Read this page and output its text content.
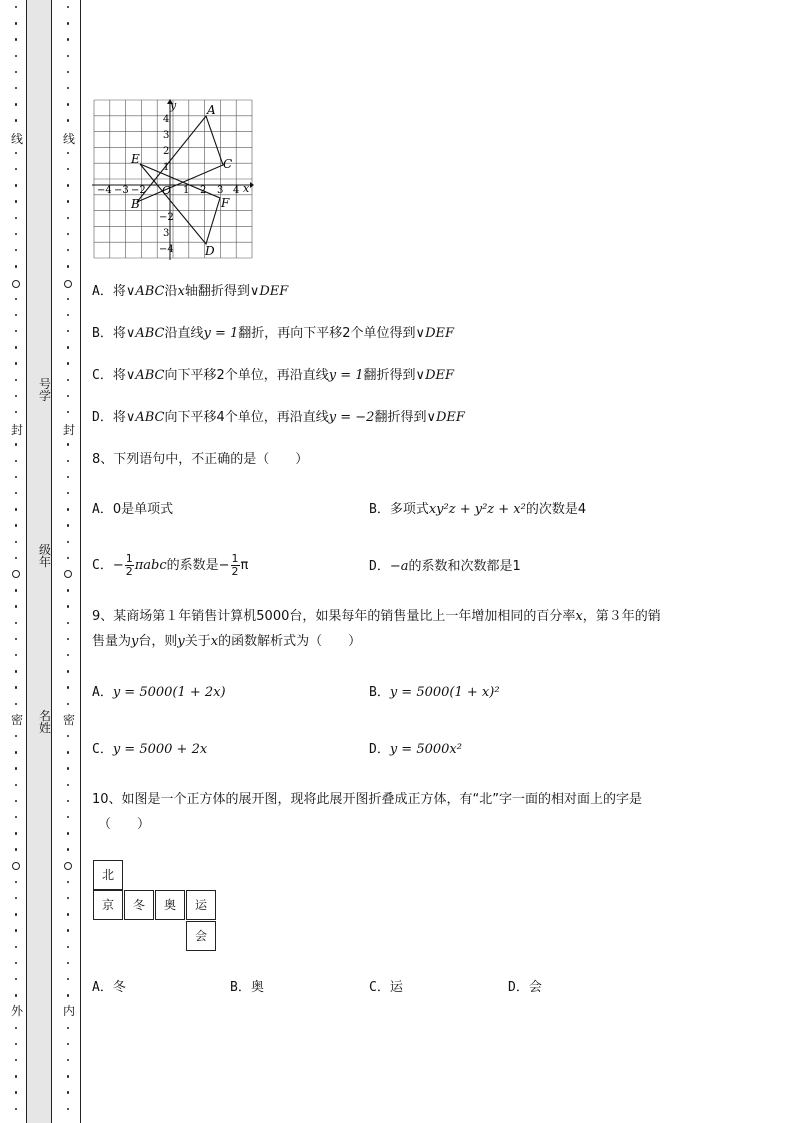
线
封
密
外
线
封
密
内
号学
级年
名姓
y
x
O
−4 −3 −2	1 2 3 4
4
3
2
1
−2
3
−4
A
B
C
D
E
F
A．将∨ABC沿x轴翻折得到∨DEF
B．将∨ABC沿直线y = 1翻折，再向下平移2个单位得到∨DEF
C．将∨ABC向下平移2个单位，再沿直线y = 1翻折得到∨DEF
D．将∨ABC向下平移4个单位，再沿直线y = −2翻折得到∨DEF
8、下列语句中，不正确的是（　　）
A．0是单项式	B．多项式xy²z + y²z + x²的次数是4
C．− $\frac{1}{2}$ πabc的系数是− $\frac{1}{2}$ π	D．−a的系数和次数都是1
9、某商场第１年销售计算机5000台，如果每年的销售量比上一年增加相同的百分率x，第３年的销
售量为y台，则y关于x的函数解析式为（　　）
A．y = 5000(1 + 2x)	B．y = 5000(1 + x)²
C．y = 5000 + 2x	D．y = 5000x²
10、如图是一个正方体的展开图，现将此展开图折叠成正方体，有“北”字一面的相对面上的字是
（　　）
北
京	冬	奥	运
会
A．冬	B．奥	C．运	D．会
